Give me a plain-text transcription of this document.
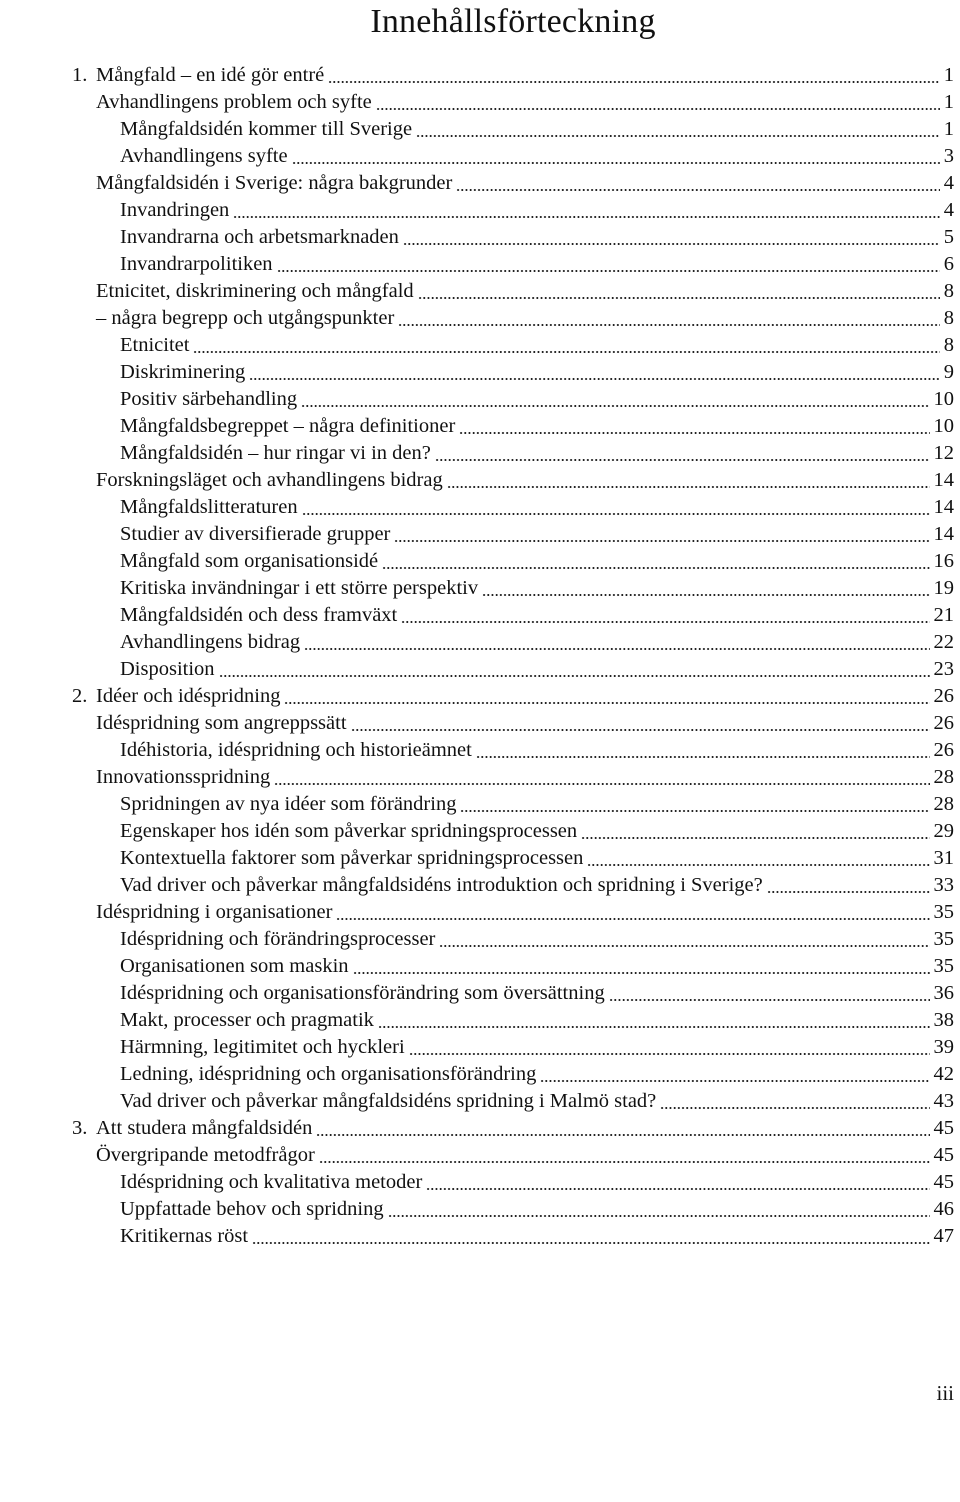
Innehållsförteckning
1. Mångfald – en idé gör entré	1
Avhandlingens problem och syfte	1
Mångfaldsidén kommer till Sverige	1
Avhandlingens syfte	3
Mångfaldsidén i Sverige: några bakgrunder	4
Invandringen	4
Invandrarna och arbetsmarknaden	5
Invandrarpolitiken	6
Etnicitet, diskriminering och mångfald	8
– några begrepp och utgångspunkter	8
Etnicitet	8
Diskriminering	9
Positiv särbehandling	10
Mångfaldsbegreppet – några definitioner	10
Mångfaldsidén – hur ringar vi in den?	12
Forskningsläget och avhandlingens bidrag	14
Mångfaldslitteraturen	14
Studier av diversifierade grupper	14
Mångfald som organisationsidé	16
Kritiska invändningar i ett större perspektiv	19
Mångfaldsidén och dess framväxt	21
Avhandlingens bidrag	22
Disposition	23
2. Idéer och idéspridning	26
Idéspridning som angreppssätt	26
Idéhistoria, idéspridning och historieämnet	26
Innovationsspridning	28
Spridningen av nya idéer som förändring	28
Egenskaper hos idén som påverkar spridningsprocessen	29
Kontextuella faktorer som påverkar spridningsprocessen	31
Vad driver och påverkar mångfaldsidéns introduktion och spridning i Sverige?	33
Idéspridning i organisationer	35
Idéspridning och förändringsprocesser	35
Organisationen som maskin	35
Idéspridning och organisationsförändring som översättning	36
Makt, processer och pragmatik	38
Härmning, legitimitet och hyckleri	39
Ledning, idéspridning och organisationsförändring	42
Vad driver och påverkar mångfaldsidéns spridning i Malmö stad?	43
3. Att studera mångfaldsidén	45
Övergripande metodfrågor	45
Idéspridning och kvalitativa metoder	45
Uppfattade behov och spridning	46
Kritikernas röst	47
iii
